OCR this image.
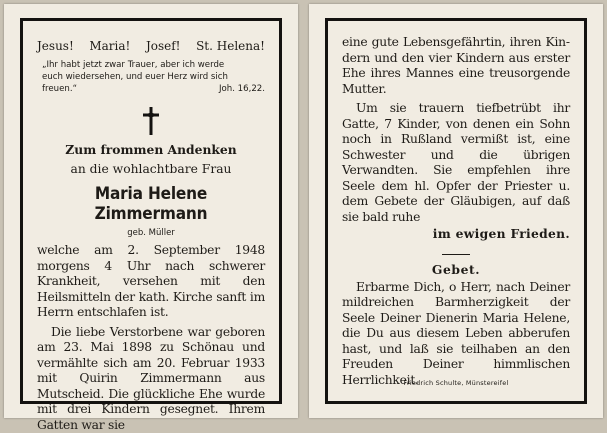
Jesus! Maria! Josef! St. Helena!
„Ihr habt jetzt zwar Trauer, aber ich werde
euch wiedersehen, und euer Herz wird sich
freuen.“	Joh. 16,22.
Zum frommen Andenken
an die wohlachtbare Frau
Maria Helene Zimmermann
geb. Müller

welche am 2. September 1948 morgens 4 Uhr nach schwerer Krankheit, versehen mit den Heilsmitteln der kath. Kirche sanft im Herrn entschlafen ist.

Die liebe Verstorbene war geboren am 23. Mai 1898 zu Schönau und vermählte sich am 20. Februar 1933 mit Quirin Zimmermann aus Mutscheid. Die glückliche Ehe wurde mit drei Kindern gesegnet. Ihrem Gatten war sie

eine gute Lebensgefährtin, ihren Kindern und den vier Kindern aus erster Ehe ihres Mannes eine treusorgende Mutter.

Um sie trauern tiefbetrübt ihr Gatte, 7 Kinder, von denen ein Sohn noch in Rußland vermißt ist, eine Schwester und die übrigen Verwandten. Sie empfehlen ihre Seele dem hl. Opfer der Priester u. dem Gebete der Gläubigen, auf daß sie bald ruhe

im ewigen Frieden.
Gebet.

Erbarme Dich, o Herr, nach Deiner mildreichen Barmherzigkeit der Seele Deiner Dienerin Maria Helene, die Du aus diesem Leben abberufen hast, und laß sie teilhaben an den Freuden Deiner himmlischen Herrlichkeit.

Friedrich Schulte, Münstereifel
